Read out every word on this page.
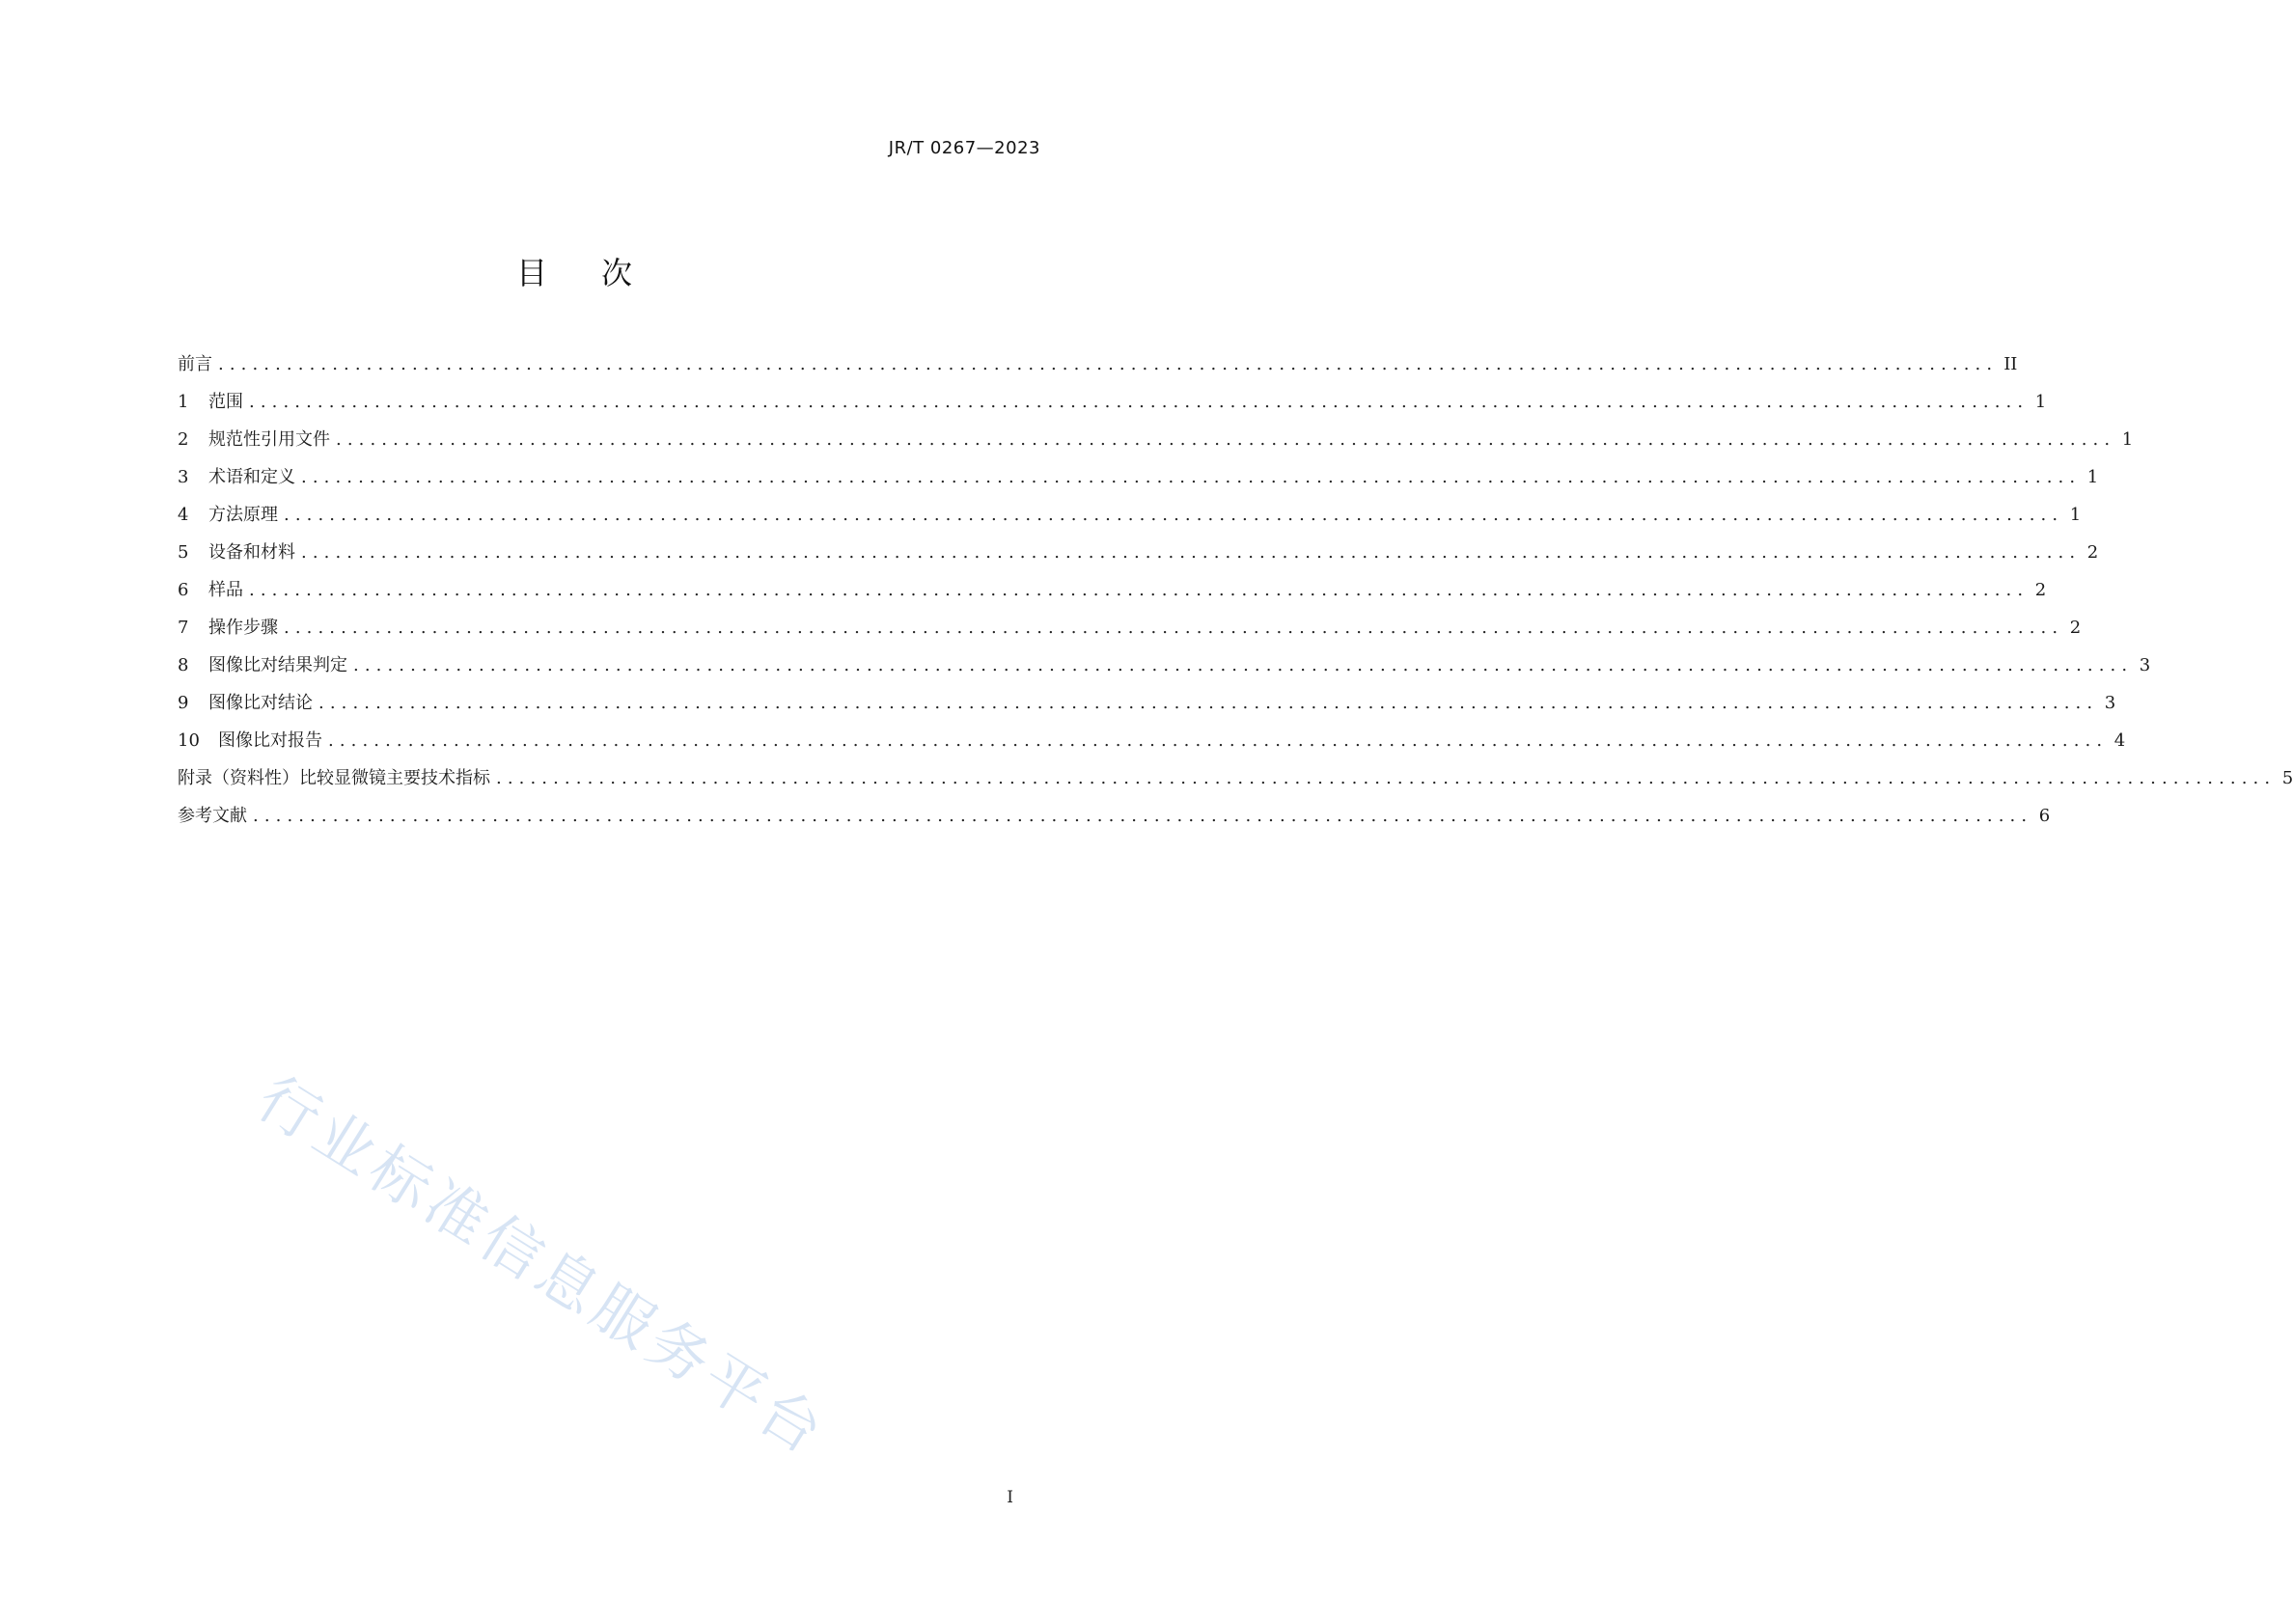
JR/T 0267—2023
目次
前言 ............................................................................................................................................................ II
1	范围 ............................................................................................................................................................ 1
2	规范性引用文件 ............................................................................................................................................................ 1
3	术语和定义 ............................................................................................................................................................ 1
4	方法原理 ............................................................................................................................................................ 1
5	设备和材料 ............................................................................................................................................................ 2
6	样品 ............................................................................................................................................................ 2
7	操作步骤 ............................................................................................................................................................ 2
8	图像比对结果判定 ............................................................................................................................................................ 3
9	图像比对结论 ............................................................................................................................................................ 3
10	图像比对报告 ............................................................................................................................................................ 4
附录（资料性）比较显微镜主要技术指标 ............................................................................................................................................................ 5
参考文献 ............................................................................................................................................................ 6
行业标准信息服务平台
I
